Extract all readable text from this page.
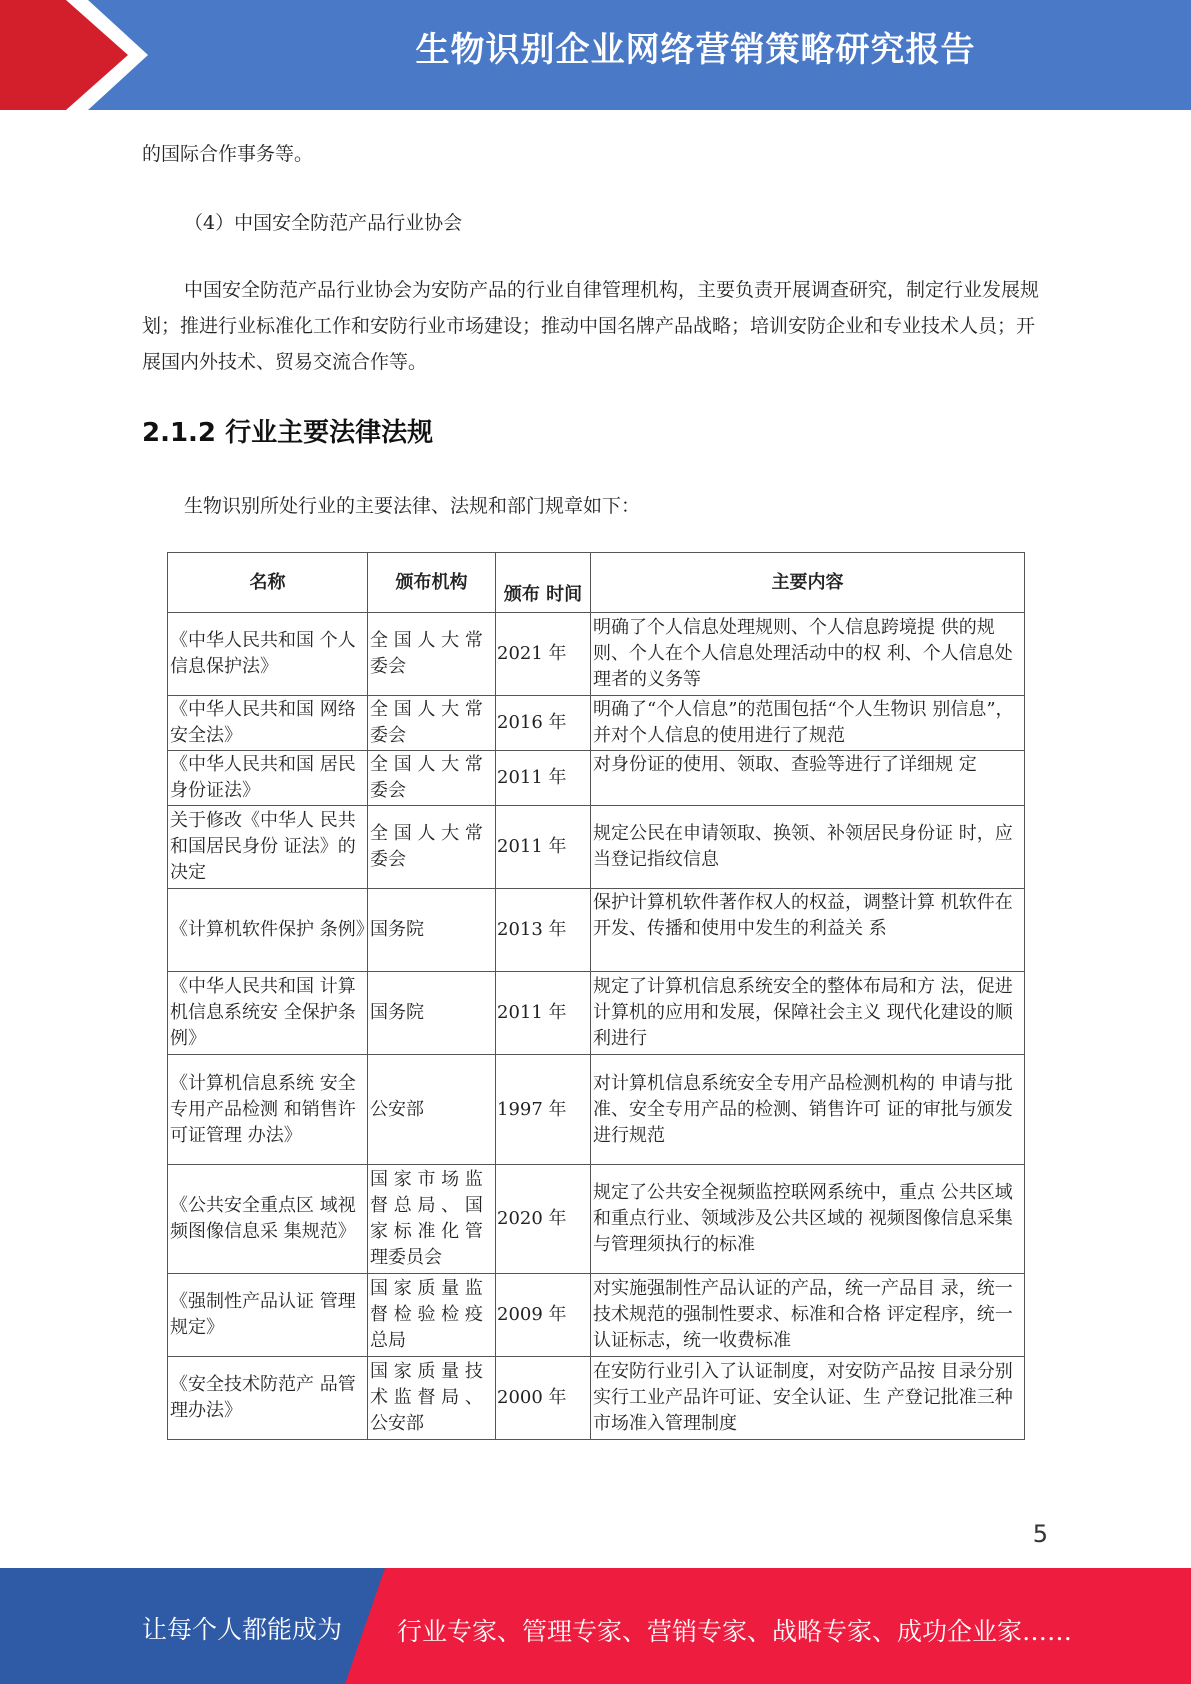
生物识别企业网络营销策略研究报告
的国际合作事务等。
（4）中国安全防范产品行业协会
中国安全防范产品行业协会为安防产品的行业自律管理机构，主要负责开展调查研究，制定行业发展规划；推进行业标准化工作和安防行业市场建设；推动中国名牌产品战略；培训安防企业和专业技术人员；开展国内外技术、贸易交流合作等。
2.1.2 行业主要法律法规
生物识别所处行业的主要法律、法规和部门规章如下：
名称	颁布机构	颁布 时间	主要内容
《中华人民共和国 个人信息保护法》	全 国 人 大 常 委会	2021 年	明确了个人信息处理规则、个人信息跨境提 供的规则、个人在个人信息处理活动中的权 利、个人信息处理者的义务等
《中华人民共和国 网络安全法》	全 国 人 大 常 委会	2016 年	明确了“个人信息”的范围包括“个人生物识 别信息”，并对个人信息的使用进行了规范
《中华人民共和国 居民身份证法》	全 国 人 大 常 委会	2011 年	对身份证的使用、领取、查验等进行了详细规 定
关于修改《中华人 民共和国居民身份 证法》的决定	全 国 人 大 常 委会	2011 年	规定公民在申请领取、换领、补领居民身份证 时，应当登记指纹信息
《计算机软件保护 条例》	国务院	2013 年	保护计算机软件著作权人的权益，调整计算 机软件在开发、传播和使用中发生的利益关 系
《中华人民共和国 计算机信息系统安 全保护条例》	国务院	2011 年	规定了计算机信息系统安全的整体布局和方 法，促进计算机的应用和发展，保障社会主义 现代化建设的顺利进行
《计算机信息系统 安全专用产品检测 和销售许可证管理 办法》	公安部	1997 年	对计算机信息系统安全专用产品检测机构的 申请与批准、安全专用产品的检测、销售许可 证的审批与颁发进行规范
《公共安全重点区 域视频图像信息采 集规范》	国 家 市 场 监 督 总 局 、 国 家 标 准 化 管 理委员会	2020 年	规定了公共安全视频监控联网系统中，重点 公共区域和重点行业、领域涉及公共区域的 视频图像信息采集与管理须执行的标准
《强制性产品认证 管理规定》	国 家 质 量 监 督 检 验 检 疫 总局	2009 年	对实施强制性产品认证的产品，统一产品目 录，统一技术规范的强制性要求、标准和合格 评定程序，统一认证标志，统一收费标准
《安全技术防范产 品管理办法》	国 家 质 量 技 术 监 督 局 、 公安部	2000 年	在安防行业引入了认证制度，对安防产品按 目录分别实行工业产品许可证、安全认证、生 产登记批准三种市场准入管理制度
5
让每个人都能成为 行业专家、管理专家、营销专家、战略专家、成功企业家……
